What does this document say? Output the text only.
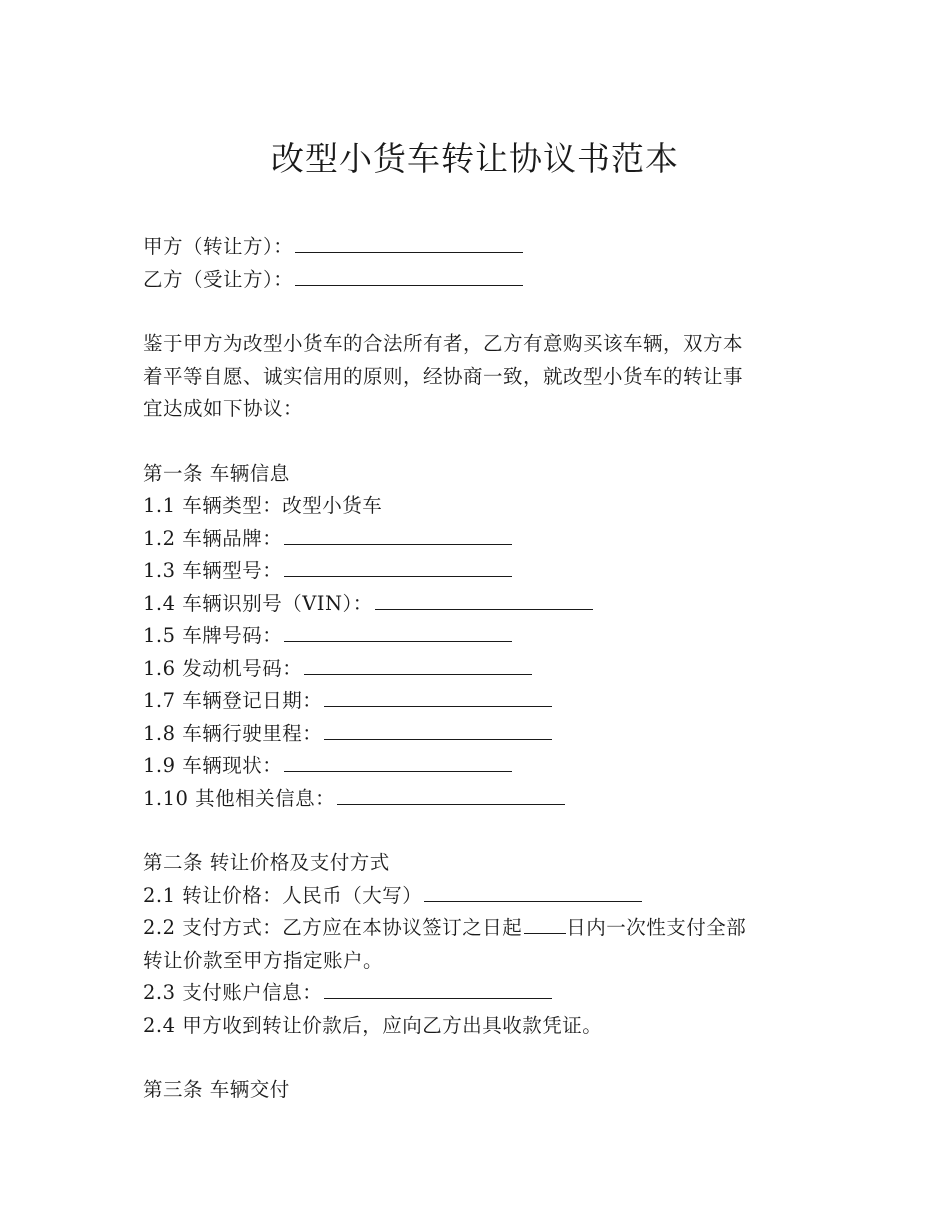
改型小货车转让协议书范本
甲方（转让方）：
乙方（受让方）：
鉴于甲方为改型小货车的合法所有者，乙方有意购买该车辆，双方本
着平等自愿、诚实信用的原则，经协商一致，就改型小货车的转让事
宜达成如下协议：
第一条 车辆信息
1.1 车辆类型：改型小货车
1.2 车辆品牌：
1.3 车辆型号：
1.4 车辆识别号（VIN）：
1.5 车牌号码：
1.6 发动机号码：
1.7 车辆登记日期：
1.8 车辆行驶里程：
1.9 车辆现状：
1.10 其他相关信息：
第二条 转让价格及支付方式
2.1 转让价格：人民币（大写）
2.2 支付方式：乙方应在本协议签订之日起 日内一次性支付全部
转让价款至甲方指定账户。
2.3 支付账户信息：
2.4 甲方收到转让价款后，应向乙方出具收款凭证。
第三条 车辆交付
